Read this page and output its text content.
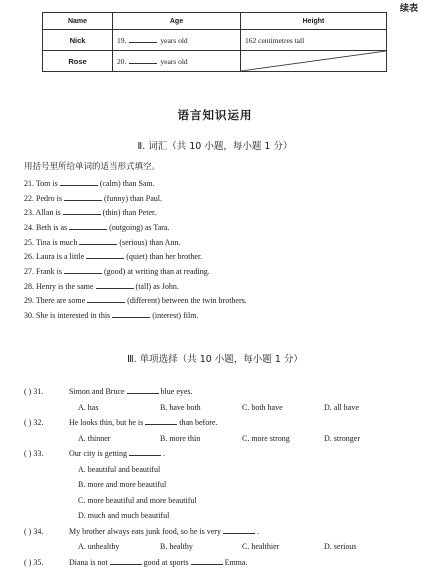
续表
Name	Age	Height
Nick	19. years old	162 centimetres tall
Rose	20. years old	
语言知识运用
Ⅱ. 词汇（共 10 小题，每小题 1 分）
用括号里所给单词的适当形式填空。
21. Tom is	(calm) than Sam.
22. Pedro is	(funny) than Paul.
23. Allan is	(thin) than Peter.
24. Beth is as	(outgoing) as Tara.
25. Tina is much	(serious) than Ann.
26. Laura is a little	(quiet) than her brother.
27. Frank is	(good) at writing than at reading.
28. Henry is the same	(tall) as John.
29. There are some	(different) between the twin brothers.
30. She is interested in this	(interest) film.
Ⅲ. 单项选择（共 10 小题，每小题 1 分）
( ) 31.	Simon and Bruce	blue eyes.
A. has	B. have both	C. both have	D. all have
( ) 32.	He looks thin, but he is	than before.
A. thinner	B. more thin	C. more strong	D. stronger
( ) 33.	Our city is getting	.
A. beautiful and beautiful
B. more and more beautiful
C. more beautiful and more beautiful
D. much and much beautiful
( ) 34.	My brother always eats junk food, so he is very	.
A. unhealthy	B. healthy	C. healthier	D. serious
( ) 35.	Diana is not	good at sports	Emma.
